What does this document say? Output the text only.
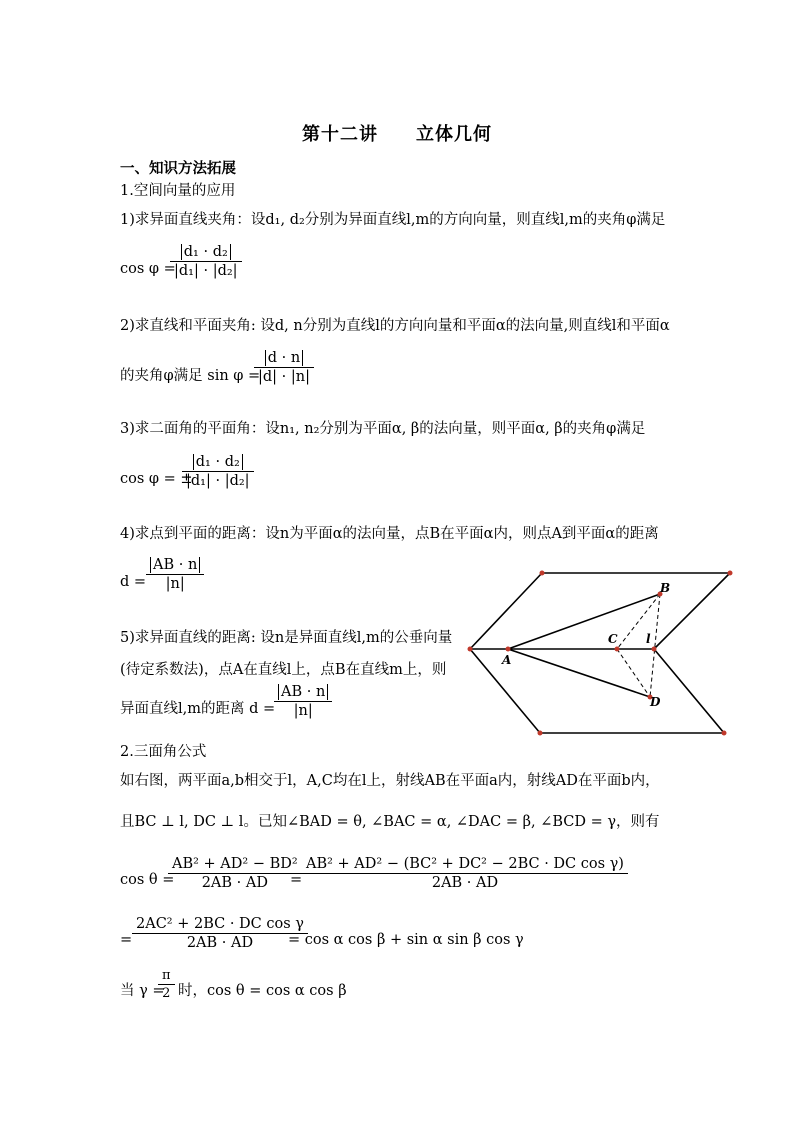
第十二讲　　立体几何
一、知识方法拓展
1.空间向量的应用
1)求异面直线夹角：设d₁, d₂分别为异面直线l,m的方向向量，则直线l,m的夹角φ满足
cos φ =
$\frac{\text{d₁ · d₂}}{\text{|d₁| · |d₂|}}$
2)求直线和平面夹角: 设d, n分别为直线l的方向向量和平面α的法向量,则直线l和平面α
的夹角φ满足 sin φ =
$\frac{d \cdot n}{|d| \cdot |n|}$
3)求二面角的平面角：设n₁, n₂分别为平面α, β的法向量，则平面α, β的夹角φ满足
cos φ = ±
$\frac{\text{d₁ · d₂}}{\text{|d₁| · |d₂|}}$
4)求点到平面的距离：设n为平面α的法向量，点B在平面α内，则点A到平面α的距离
$d = \frac{AB \cdot n}{|n|}$
5)求异面直线的距离: 设n是异面直线l,m的公垂向量
(待定系数法)，点A在直线l上，点B在直线m上，则
异面直线l,m的距离 d =
$\frac{AB \cdot n}{|n|}$
2.三面角公式
如右图，两平面a,b相交于l，A,C均在l上，射线AB在平面a内，射线AD在平面b内，
且BC ⊥ l, DC ⊥ l。已知∠BAD = θ, ∠BAC = α, ∠DAC = β, ∠BCD = γ，则有
cos θ =
$\frac{\text{AB² + AD² − BD²}}{2AB \cdot AD}$
= $\frac{\text{AB² + AD² − (BC² + DC² − 2BC · DC cos γ)}}{2AB \cdot AD}$
= $\frac{\text{2AC² + 2BC · DC cos γ}}{2AB \cdot AD}$
= cos α cos β + sin α sin β cos γ
当 γ =
$\frac{\pi}{2}$ 时，cos θ = cos α cos β
A
B
C l
D
